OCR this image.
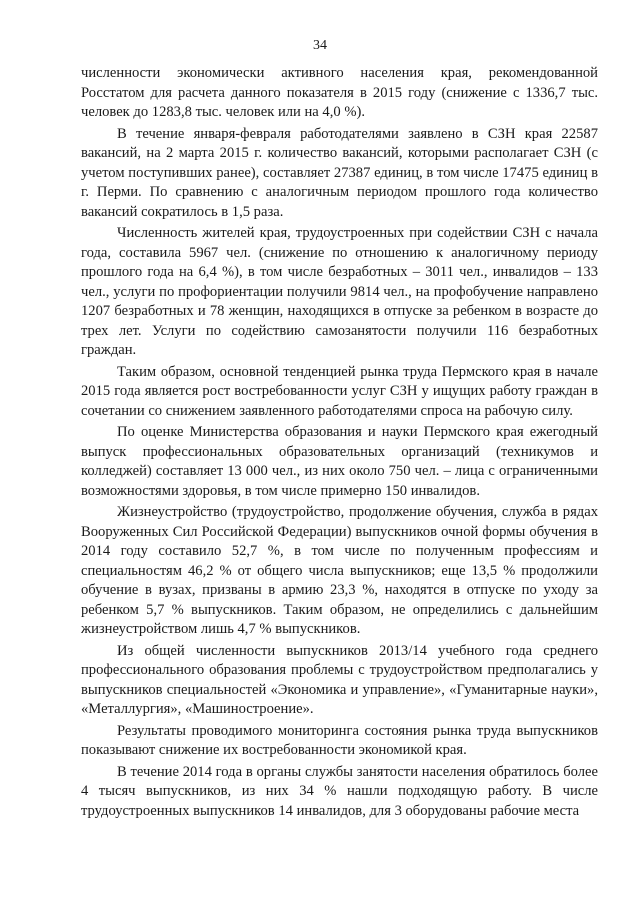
34

численности экономически активного населения края, рекомендованной Росстатом для расчета данного показателя в 2015 году (снижение с 1336,7 тыс. человек до 1283,8 тыс. человек или на 4,0 %).

В течение января-февраля работодателями заявлено в СЗН края 22587 вакансий, на 2 марта 2015 г. количество вакансий, которыми располагает СЗН (с учетом поступивших ранее), составляет 27387 единиц, в том числе 17475 единиц в г. Перми. По сравнению с аналогичным периодом прошлого года количество вакансий сократилось в 1,5 раза.

Численность жителей края, трудоустроенных при содействии СЗН с начала года, составила 5967 чел. (снижение по отношению к аналогичному периоду прошлого года на 6,4 %), в том числе безработных – 3011 чел., инвалидов – 133 чел., услуги по профориентации получили 9814 чел., на профобучение направлено 1207 безработных и 78 женщин, находящихся в отпуске за ребенком в возрасте до трех лет. Услуги по содействию самозанятости получили 116 безработных граждан.

Таким образом, основной тенденцией рынка труда Пермского края в начале 2015 года является рост востребованности услуг СЗН у ищущих работу граждан в сочетании со снижением заявленного работодателями спроса на рабочую силу.

По оценке Министерства образования и науки Пермского края ежегодный выпуск профессиональных образовательных организаций (техникумов и колледжей) составляет 13 000 чел., из них около 750 чел. – лица с ограниченными возможностями здоровья, в том числе примерно 150 инвалидов.

Жизнеустройство (трудоустройство, продолжение обучения, служба в рядах Вооруженных Сил Российской Федерации) выпускников очной формы обучения в 2014 году составило 52,7 %, в том числе по полученным профессиям и специальностям 46,2 % от общего числа выпускников; еще 13,5 % продолжили обучение в вузах, призваны в армию 23,3 %, находятся в отпуске по уходу за ребенком 5,7 % выпускников. Таким образом, не определились с дальнейшим жизнеустройством лишь 4,7 % выпускников.

Из общей численности выпускников 2013/14 учебного года среднего профессионального образования проблемы с трудоустройством предполагались у выпускников специальностей «Экономика и управление», «Гуманитарные науки», «Металлургия», «Машиностроение».

Результаты проводимого мониторинга состояния рынка труда выпускников показывают снижение их востребованности экономикой края.

В течение 2014 года в органы службы занятости населения обратилось более 4 тысяч выпускников, из них 34 % нашли подходящую работу. В числе трудоустроенных выпускников 14 инвалидов, для 3 оборудованы рабочие места
